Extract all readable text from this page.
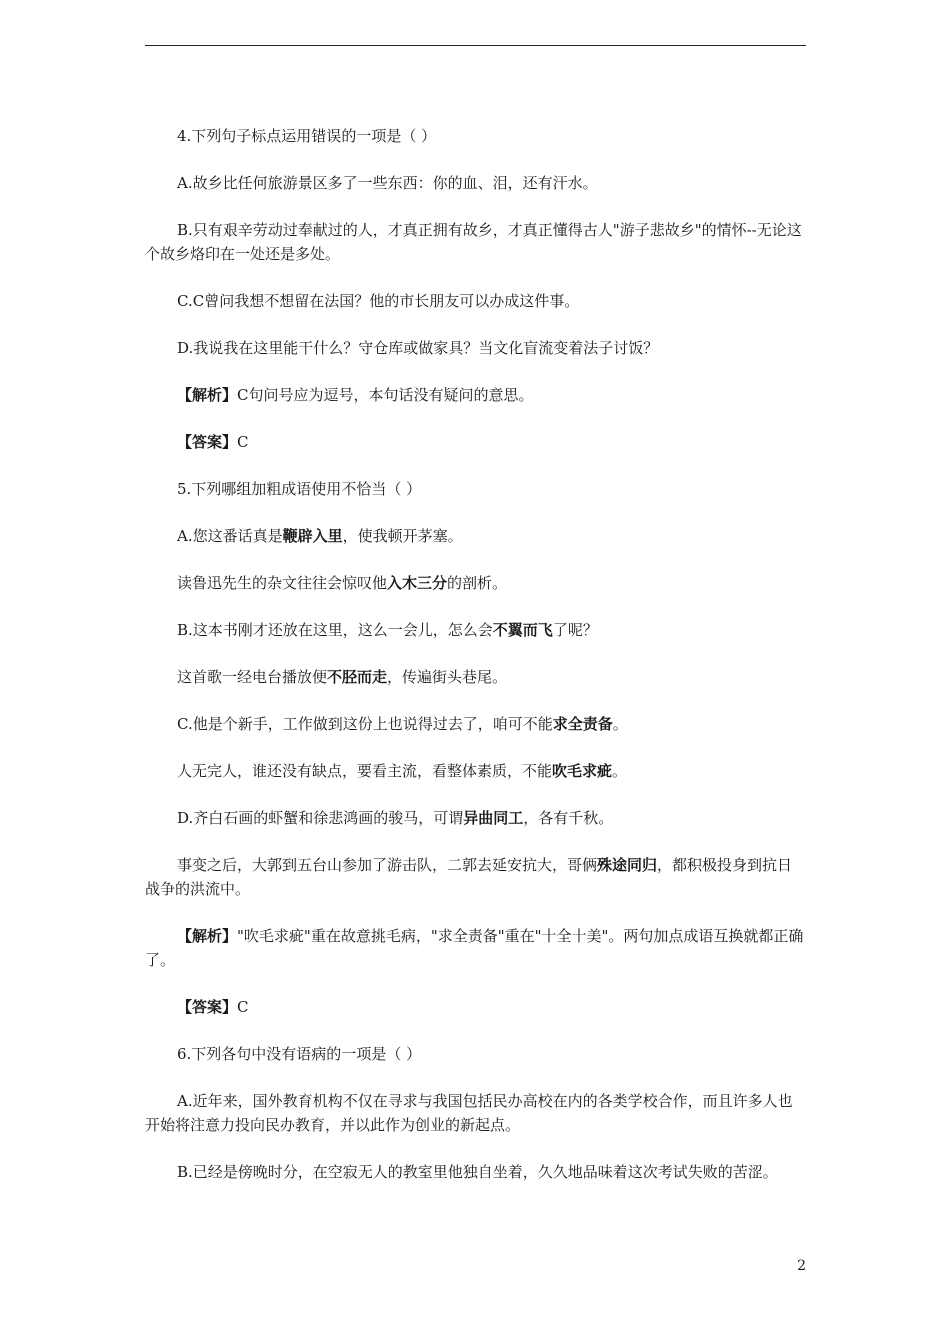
4.下列句子标点运用错误的一项是（ ）

A.故乡比任何旅游景区多了一些东西：你的血、泪，还有汗水。

B.只有艰辛劳动过奉献过的人，才真正拥有故乡，才真正懂得古人"游子悲故乡"的情怀--无论这个故乡烙印在一处还是多处。

C.C曾问我想不想留在法国？他的市长朋友可以办成这件事。

D.我说我在这里能干什么？守仓库或做家具？当文化盲流变着法子讨饭？

【解析】C句问号应为逗号，本句话没有疑问的意思。

【答案】C

5.下列哪组加粗成语使用不恰当（ ）

A.您这番话真是鞭辟入里，使我顿开茅塞。

读鲁迅先生的杂文往往会惊叹他入木三分的剖析。

B.这本书刚才还放在这里，这么一会儿，怎么会不翼而飞了呢？

这首歌一经电台播放便不胫而走，传遍街头巷尾。

C.他是个新手，工作做到这份上也说得过去了，咱可不能求全责备。

人无完人，谁还没有缺点，要看主流，看整体素质，不能吹毛求疵。

D.齐白石画的虾蟹和徐悲鸿画的骏马，可谓异曲同工，各有千秋。

事变之后，大郭到五台山参加了游击队，二郭去延安抗大，哥俩殊途同归，都积极投身到抗日战争的洪流中。

【解析】"吹毛求疵"重在故意挑毛病，"求全责备"重在"十全十美"。两句加点成语互换就都正确了。

【答案】C

6.下列各句中没有语病的一项是（ ）

A.近年来，国外教育机构不仅在寻求与我国包括民办高校在内的各类学校合作，而且许多人也开始将注意力投向民办教育，并以此作为创业的新起点。

B.已经是傍晚时分，在空寂无人的教室里他独自坐着，久久地品味着这次考试失败的苦涩。

2
